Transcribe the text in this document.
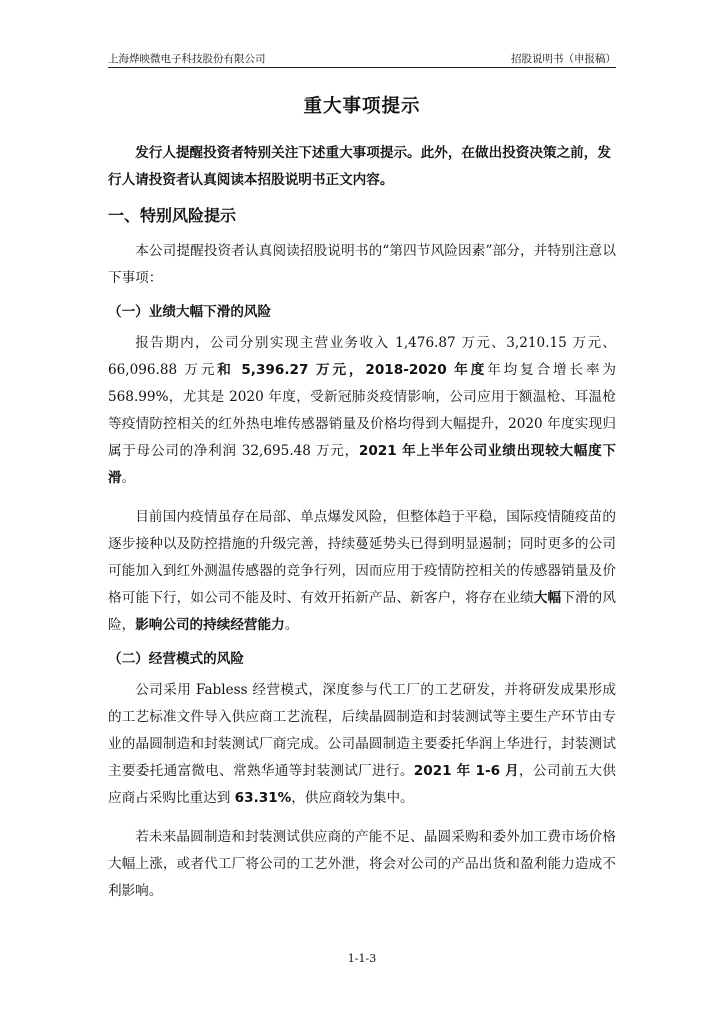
上海烨映微电子科技股份有限公司	招股说明书（申报稿）
重大事项提示

发行人提醒投资者特别关注下述重大事项提示。此外，在做出投资决策之前，发行人请投资者认真阅读本招股说明书正文内容。

一、特别风险提示

本公司提醒投资者认真阅读招股说明书的“第四节风险因素”部分，并特别注意以下事项：

（一）业绩大幅下滑的风险

报告期内，公司分别实现主营业务收入 1,476.87 万元、3,210.15 万元、66,096.88 万元和 5,396.27 万元，2018-2020 年度年均复合增长率为 568.99%，尤其是 2020 年度，受新冠肺炎疫情影响，公司应用于额温枪、耳温枪等疫情防控相关的红外热电堆传感器销量及价格均得到大幅提升，2020 年度实现归属于母公司的净利润 32,695.48 万元，2021 年上半年公司业绩出现较大幅度下滑。

目前国内疫情虽存在局部、单点爆发风险，但整体趋于平稳，国际疫情随疫苗的逐步接种以及防控措施的升级完善，持续蔓延势头已得到明显遏制；同时更多的公司可能加入到红外测温传感器的竞争行列，因而应用于疫情防控相关的传感器销量及价格可能下行，如公司不能及时、有效开拓新产品、新客户，将存在业绩大幅下滑的风险，影响公司的持续经营能力。

（二）经营模式的风险

公司采用 Fabless 经营模式，深度参与代工厂的工艺研发，并将研发成果形成的工艺标准文件导入供应商工艺流程，后续晶圆制造和封装测试等主要生产环节由专业的晶圆制造和封装测试厂商完成。公司晶圆制造主要委托华润上华进行，封装测试主要委托通富微电、常熟华通等封装测试厂进行。2021 年 1-6 月，公司前五大供应商占采购比重达到 63.31%，供应商较为集中。

若未来晶圆制造和封装测试供应商的产能不足、晶圆采购和委外加工费市场价格大幅上涨，或者代工厂将公司的工艺外泄，将会对公司的产品出货和盈利能力造成不利影响。

1-1-3
